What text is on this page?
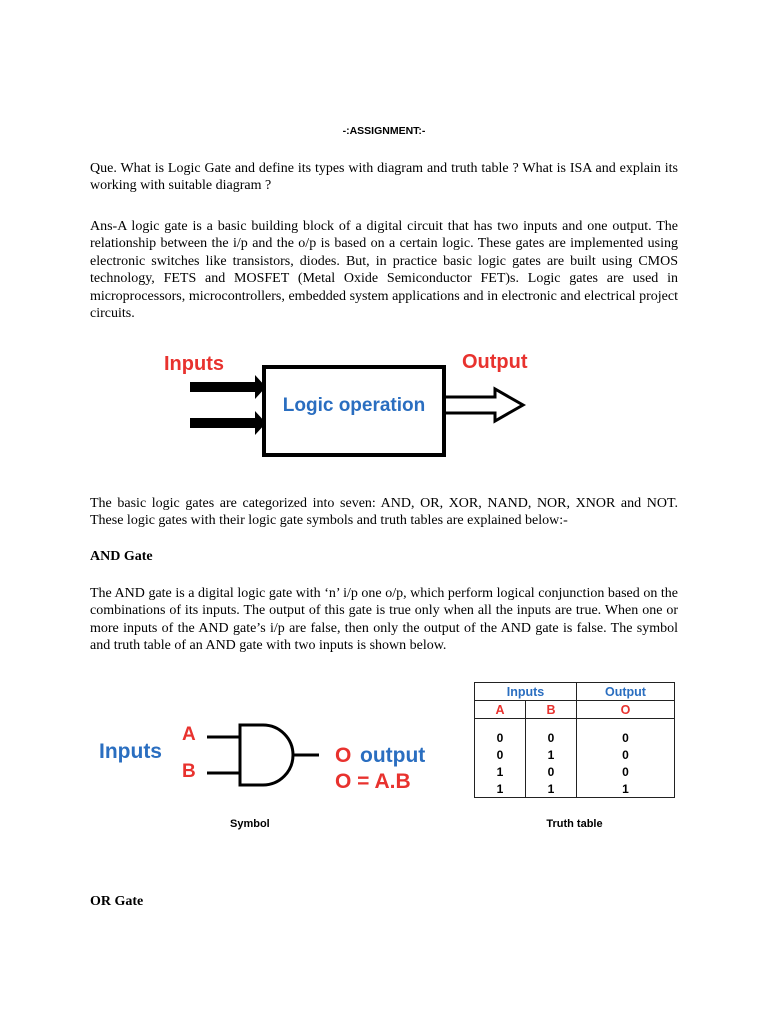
-:ASSIGNMENT:-
Que. What is Logic Gate and define its types with diagram and truth table ? What is ISA and explain its working with suitable diagram ?
Ans-A logic gate is a basic building block of a digital circuit that has two inputs and one output. The relationship between the i/p and the o/p is based on a certain logic. These gates are implemented using electronic switches like transistors, diodes. But, in practice basic logic gates are built using CMOS technology, FETS and MOSFET (Metal Oxide Semiconductor FET)s. Logic gates are used in microprocessors, microcontrollers, embedded system applications and in electronic and electrical project circuits.
Inputs	Output
Logic operation
The basic logic gates are categorized into seven: AND, OR, XOR, NAND, NOR, XNOR and NOT. These logic gates with their logic gate symbols and truth tables are explained below:-
AND Gate
The AND gate is a digital logic gate with ‘n’ i/p one o/p, which perform logical conjunction based on the combinations of its inputs. The output of this gate is true only when all the inputs are true. When one or more inputs of the AND gate’s i/p are false, then only the output of the AND gate is false. The symbol and truth table of an AND gate with two inputs is shown below.
Inputs
A
B
O output
O = A.B
Symbol
Inputs		Output
A	B	O

0	0	0
0	1	0
1	0	0
1	1	1
Truth table
OR Gate
